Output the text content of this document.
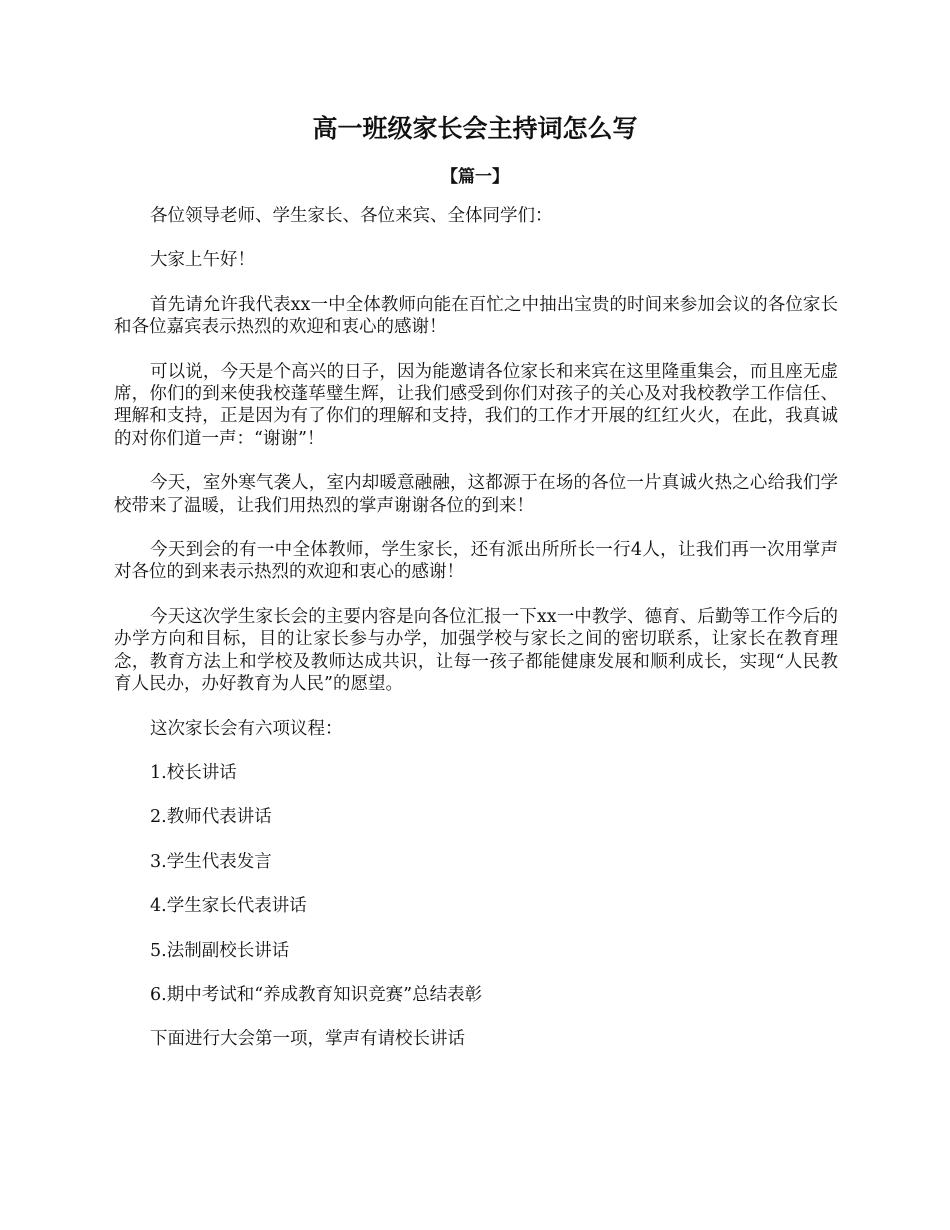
高一班级家长会主持词怎么写
【篇一】

各位领导老师、学生家长、各位来宾、全体同学们：

大家上午好！

首先请允许我代表xx一中全体教师向能在百忙之中抽出宝贵的时间来参加会议的各位家长和各位嘉宾表示热烈的欢迎和衷心的感谢！

可以说，今天是个高兴的日子，因为能邀请各位家长和来宾在这里隆重集会，而且座无虚席，你们的到来使我校蓬荜璧生辉，让我们感受到你们对孩子的关心及对我校教学工作信任、理解和支持，正是因为有了你们的理解和支持，我们的工作才开展的红红火火，在此，我真诚的对你们道一声：“谢谢”！

今天，室外寒气袭人，室内却暖意融融，这都源于在场的各位一片真诚火热之心给我们学校带来了温暖，让我们用热烈的掌声谢谢各位的到来！

今天到会的有一中全体教师，学生家长，还有派出所所长一行4人，让我们再一次用掌声对各位的到来表示热烈的欢迎和衷心的感谢！

今天这次学生家长会的主要内容是向各位汇报一下xx一中教学、德育、后勤等工作今后的办学方向和目标，目的让家长参与办学，加强学校与家长之间的密切联系，让家长在教育理念，教育方法上和学校及教师达成共识，让每一孩子都能健康发展和顺利成长，实现“人民教育人民办，办好教育为人民”的愿望。

这次家长会有六项议程：

1.校长讲话

2.教师代表讲话

3.学生代表发言

4.学生家长代表讲话

5.法制副校长讲话

6.期中考试和“养成教育知识竞赛”总结表彰

下面进行大会第一项，掌声有请校长讲话
